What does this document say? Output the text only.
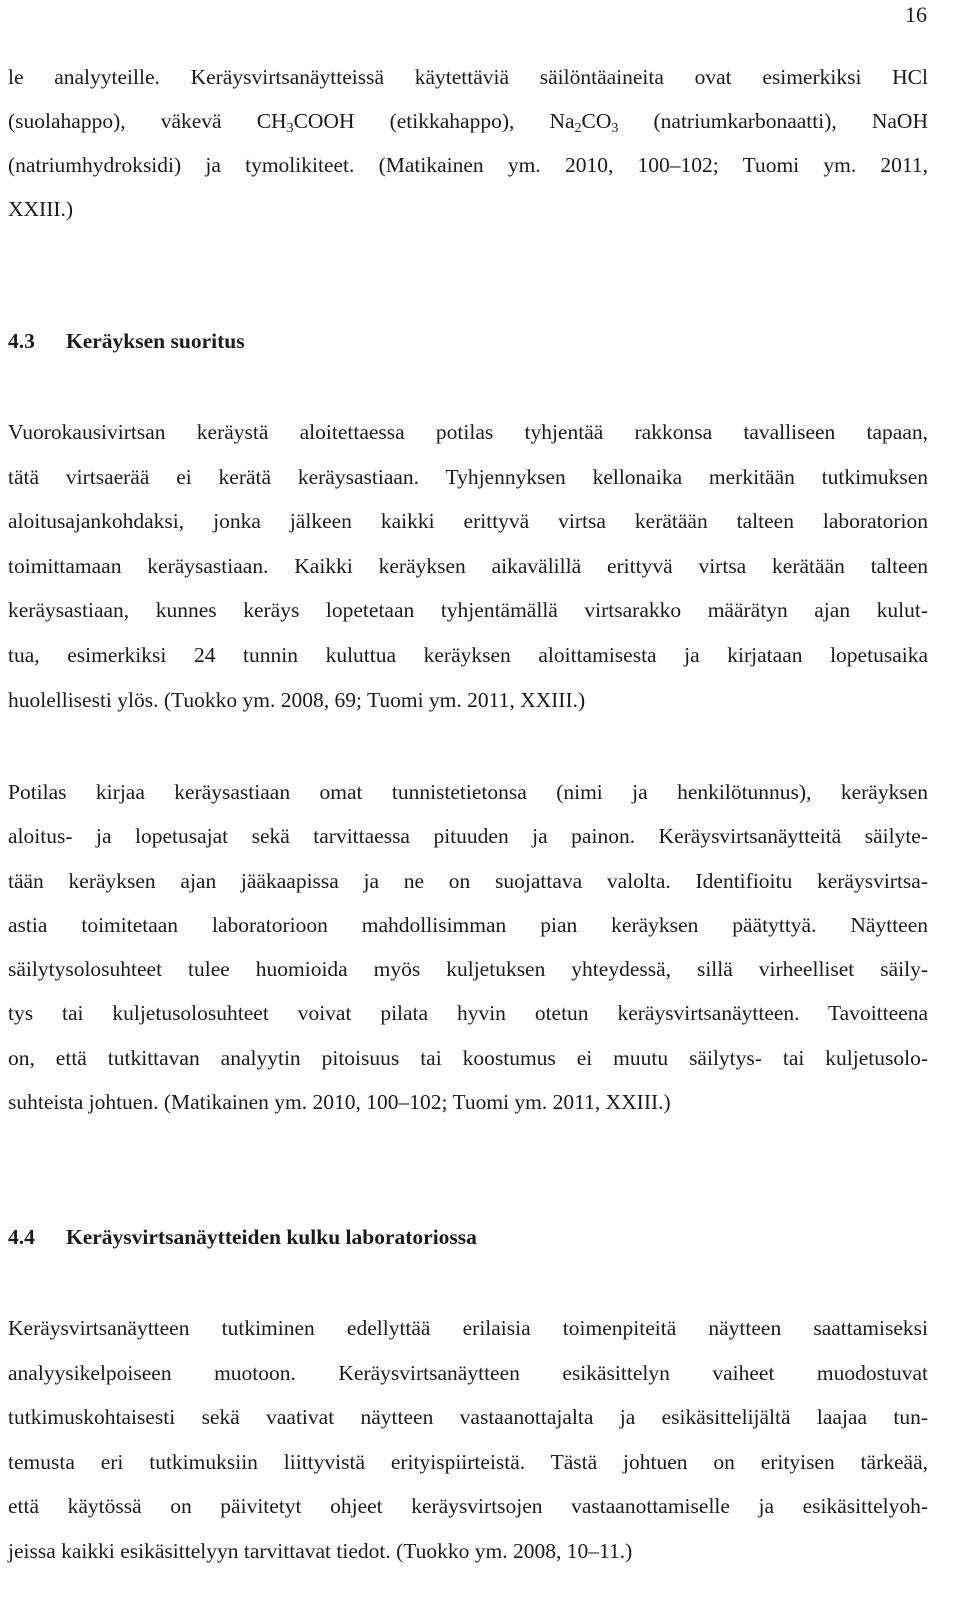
16
le analyyteille. Keräysvirtsanäytteissä käytettäviä säilöntäaineita ovat esimerkiksi HCl
(suolahappo), väkevä $CH_3COOH$ (etikkahappo), $Na_2CO_3$ (natriumkarbonaatti), NaOH
(natriumhydroksidi) ja tymolikiteet. (Matikainen ym. 2010, 100–102; Tuomi ym. 2011,
XXIII.)
4.3 Keräyksen suoritus
Vuorokausivirtsan keräystä aloitettaessa potilas tyhjentää rakkonsa tavalliseen tapaan,
tätä virtsaerää ei kerätä keräysastiaan. Tyhjennyksen kellonaika merkitään tutkimuksen
aloitusajankohdaksi, jonka jälkeen kaikki erittyvä virtsa kerätään talteen laboratorion
toimittamaan keräysastiaan. Kaikki keräyksen aikavälillä erittyvä virtsa kerätään talteen
keräysastiaan, kunnes keräys lopetetaan tyhjentämällä virtsarakko määrätyn ajan kulut-
tua, esimerkiksi 24 tunnin kuluttua keräyksen aloittamisesta ja kirjataan lopetusaika
huolellisesti ylös. (Tuokko ym. 2008, 69; Tuomi ym. 2011, XXIII.)
Potilas kirjaa keräysastiaan omat tunnistetietonsa (nimi ja henkilötunnus), keräyksen
aloitus- ja lopetusajat sekä tarvittaessa pituuden ja painon. Keräysvirtsanäytteitä säilyte-
tään keräyksen ajan jääkaapissa ja ne on suojattava valolta. Identifioitu keräysvirtsa-
astia toimitetaan laboratorioon mahdollisimman pian keräyksen päätyttyä. Näytteen
säilytysolosuhteet tulee huomioida myös kuljetuksen yhteydessä, sillä virheelliset säily-
tys tai kuljetusolosuhteet voivat pilata hyvin otetun keräysvirtsanäytteen. Tavoitteena
on, että tutkittavan analyytin pitoisuus tai koostumus ei muutu säilytys- tai kuljetusolo-
suhteista johtuen. (Matikainen ym. 2010, 100–102; Tuomi ym. 2011, XXIII.)
4.4 Keräysvirtsanäytteiden kulku laboratoriossa
Keräysvirtsanäytteen tutkiminen edellyttää erilaisia toimenpiteitä näytteen saattamiseksi
analyysikelpoiseen muotoon. Keräysvirtsanäytteen esikäsittelyn vaiheet muodostuvat
tutkimuskohtaisesti sekä vaativat näytteen vastaanottajalta ja esikäsittelijältä laajaa tun-
temusta eri tutkimuksiin liittyvistä erityispiirteistä. Tästä johtuen on erityisen tärkeää,
että käytössä on päivitetyt ohjeet keräysvirtsojen vastaanottamiselle ja esikäsittelyoh-
jeissa kaikki esikäsittelyyn tarvittavat tiedot. (Tuokko ym. 2008, 10–11.)
